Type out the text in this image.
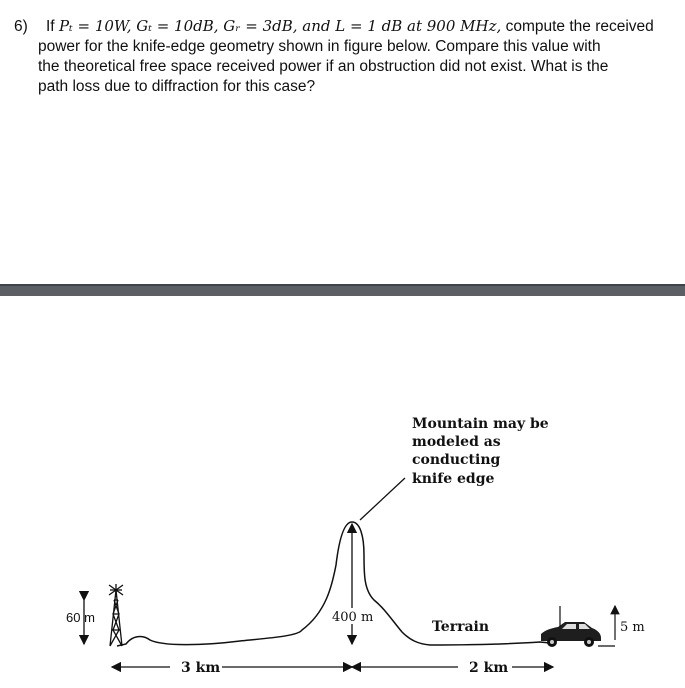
6) If Pₜ = 10W, Gₜ = 10dB, Gᵣ = 3dB, and L = 1 dB at 900 MHz, compute the received
power for the knife-edge geometry shown in figure below. Compare this value with
the theoretical free space received power if an obstruction did not exist. What is the
path loss due to diffraction for this case?
Mountain may be
modeled as
conducting
knife edge
60 m	400 m
Terrain	5 m
3 km	2 km
